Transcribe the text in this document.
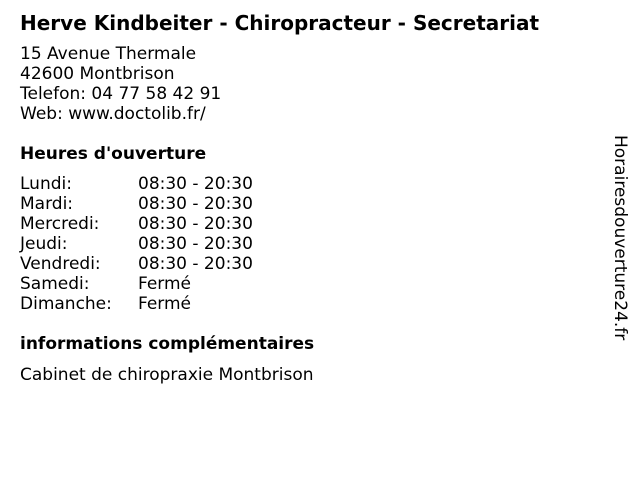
Herve Kindbeiter - Chiropracteur - Secretariat
15 Avenue Thermale
42600 Montbrison
Telefon: 04 77 58 42 91
Web: www.doctolib.fr/
Heures d'ouverture
Lundi:	08:30 - 20:30
Mardi:	08:30 - 20:30
Mercredi:	08:30 - 20:30
Jeudi:	08:30 - 20:30
Vendredi:	08:30 - 20:30
Samedi:	Fermé
Dimanche:	Fermé
informations complémentaires
Cabinet de chiropraxie Montbrison
Horairesdouverture24.fr
